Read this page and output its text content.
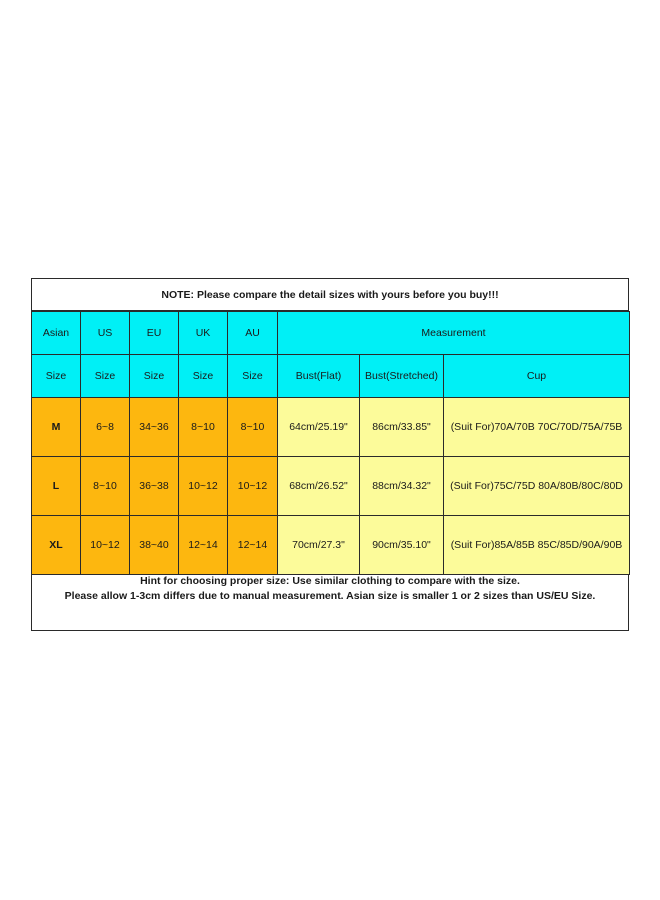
NOTE: Please compare the detail sizes with yours before you buy!!!
Asian	US	EU	UK	AU	Measurement		
Size	Size	Size	Size	Size	Bust(Flat)	Bust(Stretched)	Cup
M	6~8	34~36	8~10	8~10	64cm/25.19"	86cm/33.85"	(Suit For)70A/70B 70C/70D/75A/75B
L	8~10	36~38	10~12	10~12	68cm/26.52"	88cm/34.32"	(Suit For)75C/75D 80A/80B/80C/80D
XL	10~12	38~40	12~14	12~14	70cm/27.3"	90cm/35.10"	(Suit For)85A/85B 85C/85D/90A/90B
Hint for choosing proper size: Use similar clothing to compare with the size.
Please allow 1-3cm differs due to manual measurement. Asian size is smaller 1 or 2 sizes than US/EU Size.
